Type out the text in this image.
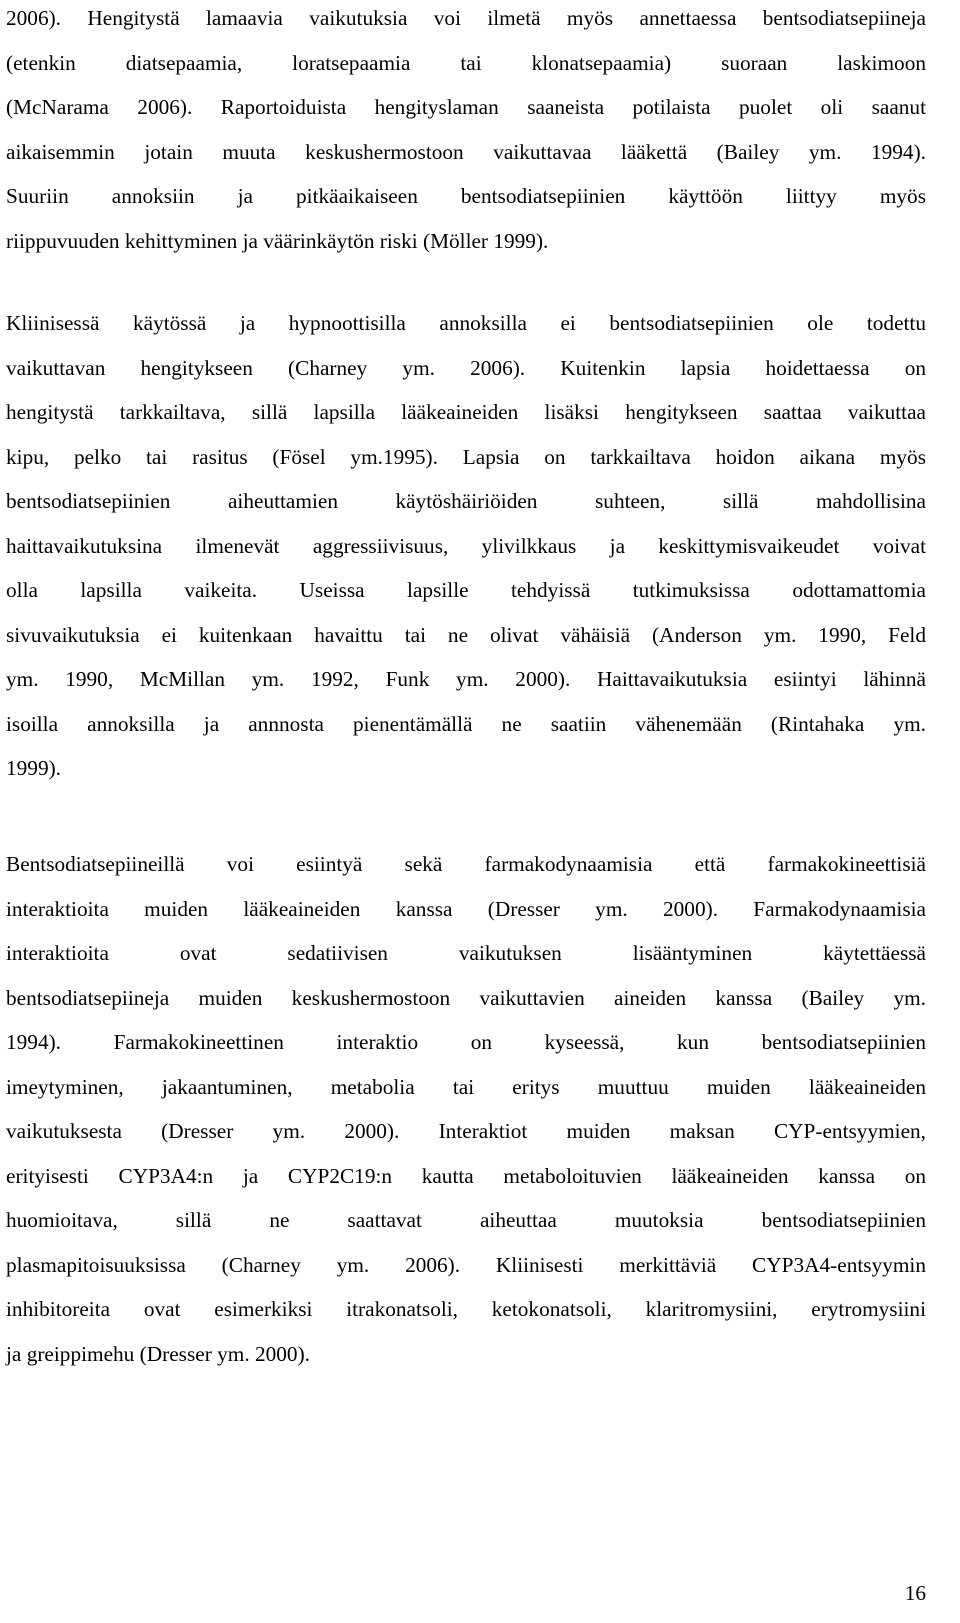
2006). Hengitystä lamaavia vaikutuksia voi ilmetä myös annettaessa bentsodiatsepiineja
(etenkin diatsepaamia, loratsepaamia tai klonatsepaamia) suoraan laskimoon
(McNarama 2006). Raportoiduista hengityslaman saaneista potilaista puolet oli saanut
aikaisemmin jotain muuta keskushermostoon vaikuttavaa lääkettä (Bailey ym. 1994).
Suuriin annoksiin ja pitkäaikaiseen bentsodiatsepiinien käyttöön liittyy myös
riippuvuuden kehittyminen ja väärinkäytön riski (Möller 1999).
Kliinisessä käytössä ja hypnoottisilla annoksilla ei bentsodiatsepiinien ole todettu
vaikuttavan hengitykseen (Charney ym. 2006). Kuitenkin lapsia hoidettaessa on
hengitystä tarkkailtava, sillä lapsilla lääkeaineiden lisäksi hengitykseen saattaa vaikuttaa
kipu, pelko tai rasitus (Fösel ym.1995). Lapsia on tarkkailtava hoidon aikana myös
bentsodiatsepiinien aiheuttamien käytöshäiriöiden suhteen, sillä mahdollisina
haittavaikutuksina ilmenevät aggressiivisuus, ylivilkkaus ja keskittymisvaikeudet voivat
olla lapsilla vaikeita. Useissa lapsille tehdyissä tutkimuksissa odottamattomia
sivuvaikutuksia ei kuitenkaan havaittu tai ne olivat vähäisiä (Anderson ym. 1990, Feld
ym. 1990, McMillan ym. 1992, Funk ym. 2000). Haittavaikutuksia esiintyi lähinnä
isoilla annoksilla ja annnosta pienentämällä ne saatiin vähenemään (Rintahaka ym.
1999).
Bentsodiatsepiineillä voi esiintyä sekä farmakodynaamisia että farmakokineettisiä
interaktioita muiden lääkeaineiden kanssa (Dresser ym. 2000). Farmakodynaamisia
interaktioita ovat sedatiivisen vaikutuksen lisääntyminen käytettäessä
bentsodiatsepiineja muiden keskushermostoon vaikuttavien aineiden kanssa (Bailey ym.
1994). Farmakokineettinen interaktio on kyseessä, kun bentsodiatsepiinien
imeytyminen, jakaantuminen, metabolia tai eritys muuttuu muiden lääkeaineiden
vaikutuksesta (Dresser ym. 2000). Interaktiot muiden maksan CYP-entsyymien,
erityisesti CYP3A4:n ja CYP2C19:n kautta metaboloituvien lääkeaineiden kanssa on
huomioitava, sillä ne saattavat aiheuttaa muutoksia bentsodiatsepiinien
plasmapitoisuuksissa (Charney ym. 2006). Kliinisesti merkittäviä CYP3A4-entsyymin
inhibitoreita ovat esimerkiksi itrakonatsoli, ketokonatsoli, klaritromysiini, erytromysiini
ja greippimehu (Dresser ym. 2000).
16
